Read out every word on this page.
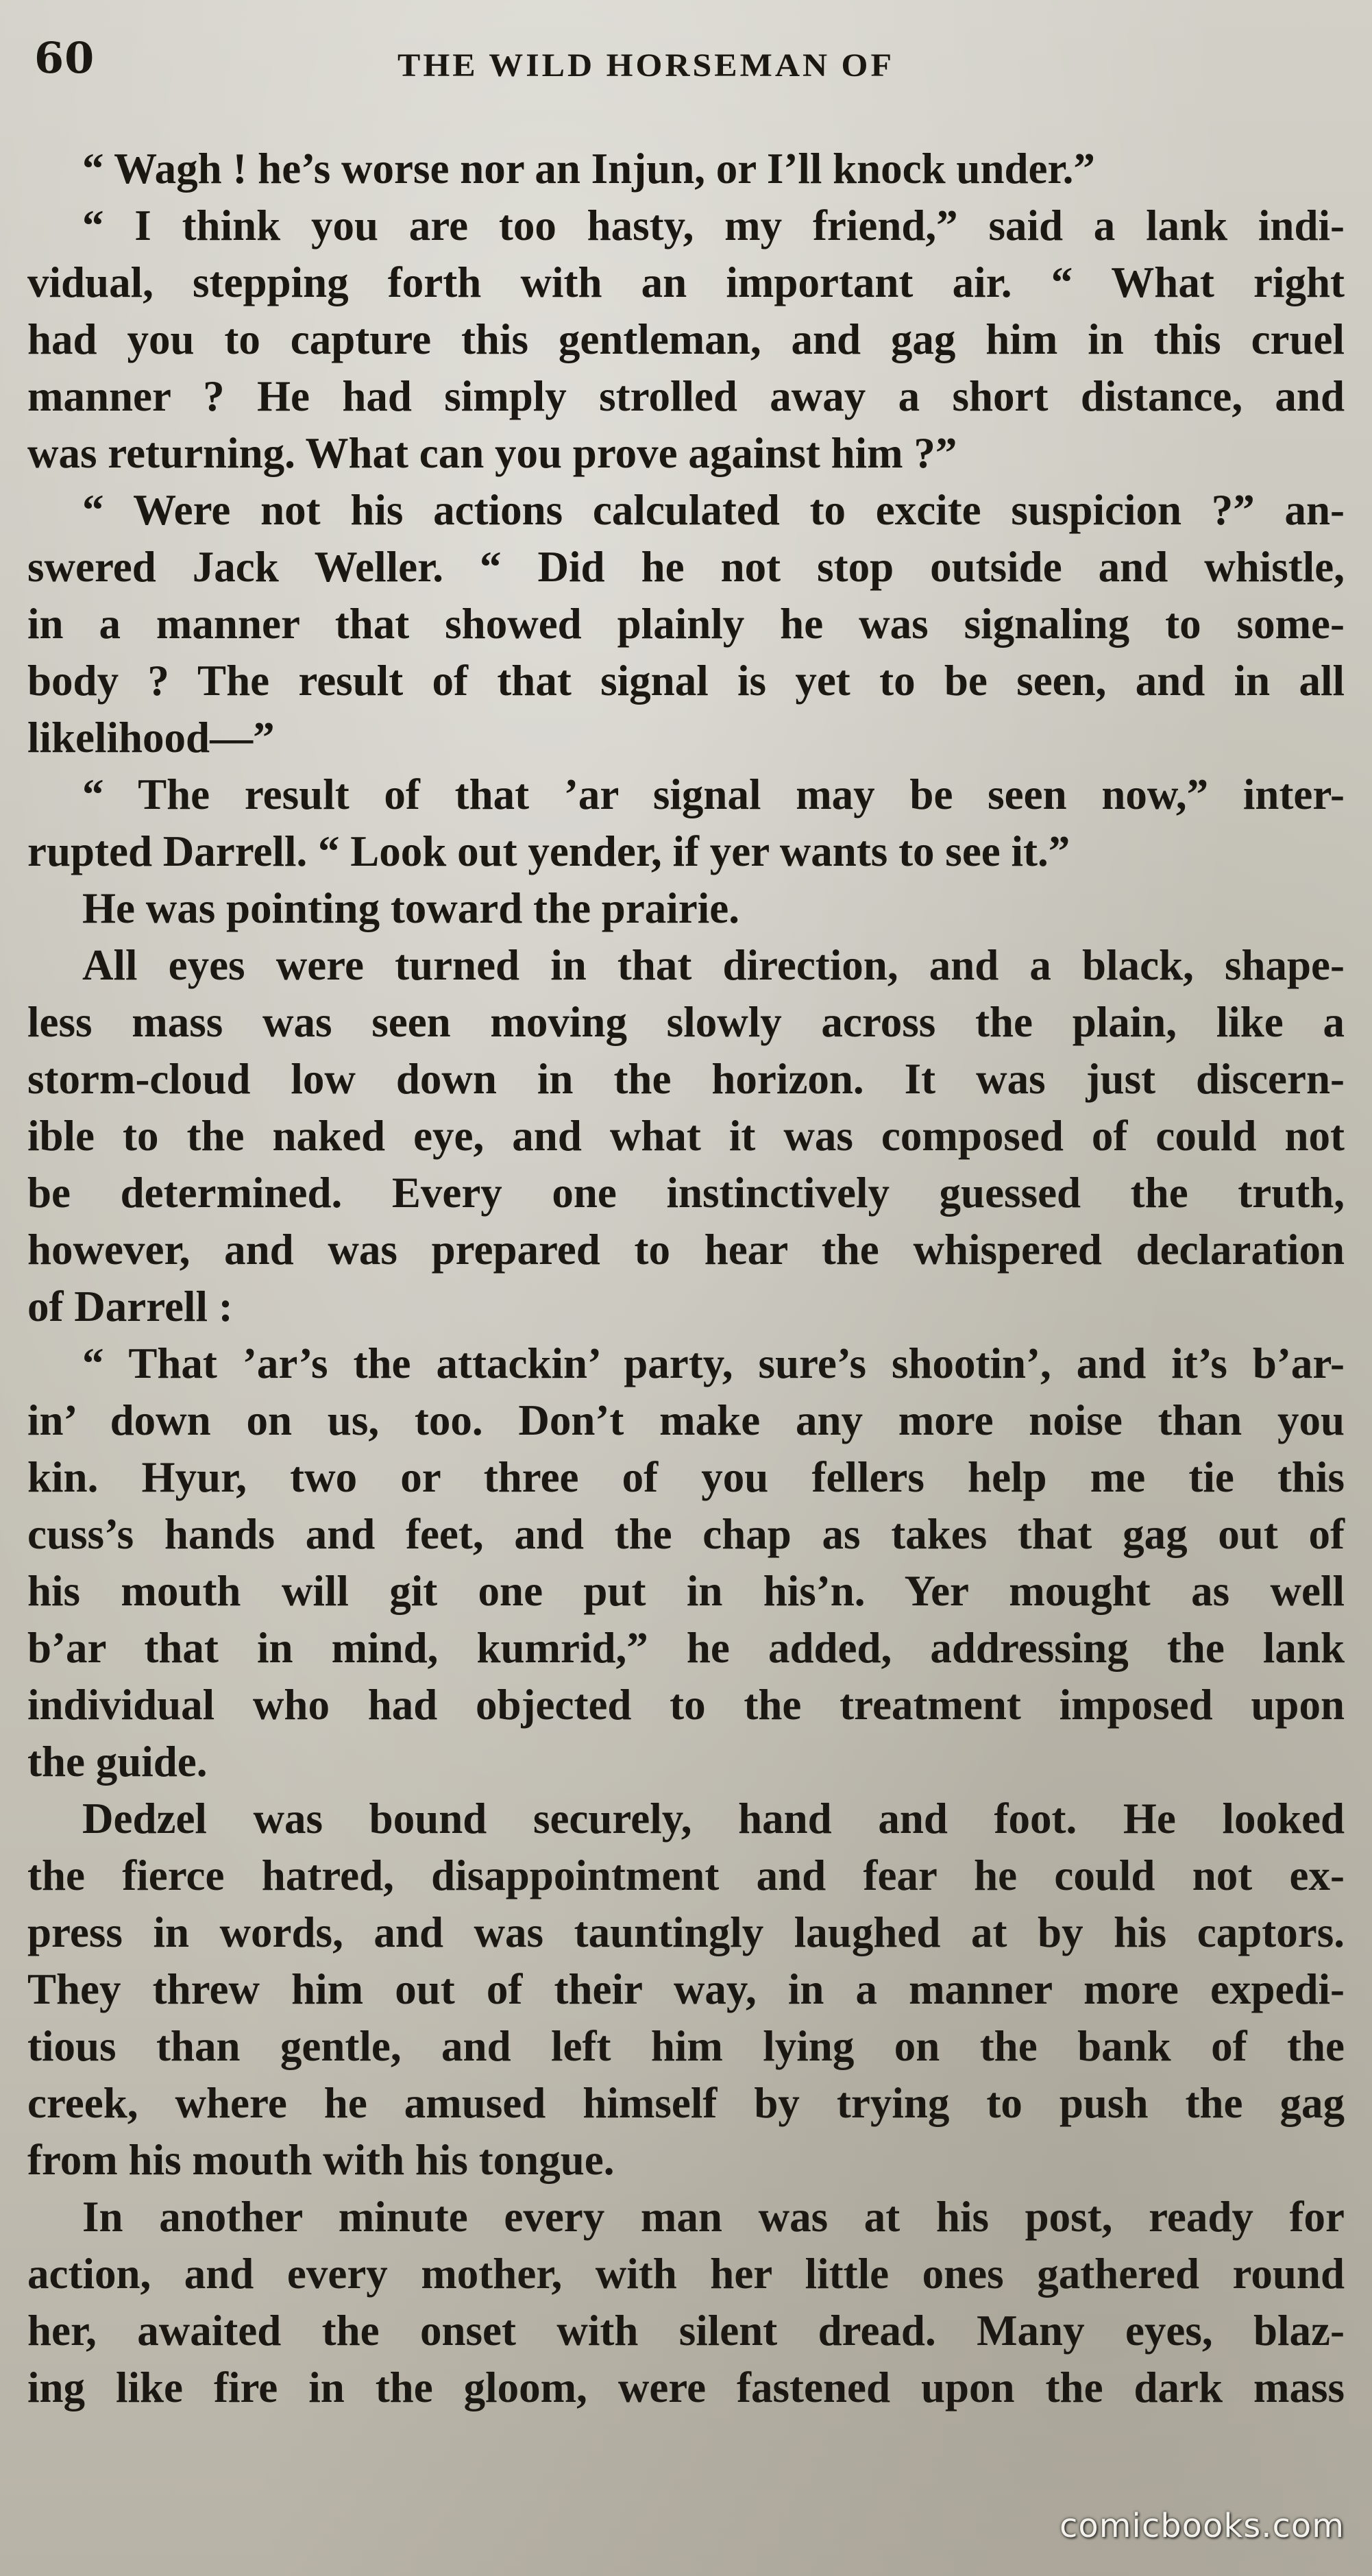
60	THE WILD HORSEMAN OF
“ Wagh ! he’s worse nor an Injun, or I’ll knock under.”
“ I think you are too hasty, my friend,” said a lank indi-
vidual, stepping forth with an important air. “ What right
had you to capture this gentleman, and gag him in this cruel
manner ? He had simply strolled away a short distance, and
was returning. What can you prove against him ?”
“ Were not his actions calculated to excite suspicion ?” an-
swered Jack Weller. “ Did he not stop outside and whistle,
in a manner that showed plainly he was signaling to some-
body ? The result of that signal is yet to be seen, and in all
likelihood—”
“ The result of that ’ar signal may be seen now,” inter-
rupted Darrell. “ Look out yender, if yer wants to see it.”
He was pointing toward the prairie.
All eyes were turned in that direction, and a black, shape-
less mass was seen moving slowly across the plain, like a
storm-cloud low down in the horizon. It was just discern-
ible to the naked eye, and what it was composed of could not
be determined. Every one instinctively guessed the truth,
however, and was prepared to hear the whispered declaration
of Darrell :
“ That ’ar’s the attackin’ party, sure’s shootin’, and it’s b’ar-
in’ down on us, too. Don’t make any more noise than you
kin. Hyur, two or three of you fellers help me tie this
cuss’s hands and feet, and the chap as takes that gag out of
his mouth will git one put in his’n. Yer mought as well
b’ar that in mind, kumrid,” he added, addressing the lank
individual who had objected to the treatment imposed upon
the guide.
Dedzel was bound securely, hand and foot. He looked
the fierce hatred, disappointment and fear he could not ex-
press in words, and was tauntingly laughed at by his captors.
They threw him out of their way, in a manner more expedi-
tious than gentle, and left him lying on the bank of the
creek, where he amused himself by trying to push the gag
from his mouth with his tongue.
In another minute every man was at his post, ready for
action, and every mother, with her little ones gathered round
her, awaited the onset with silent dread. Many eyes, blaz-
ing like fire in the gloom, were fastened upon the dark mass
comicbooks.com
